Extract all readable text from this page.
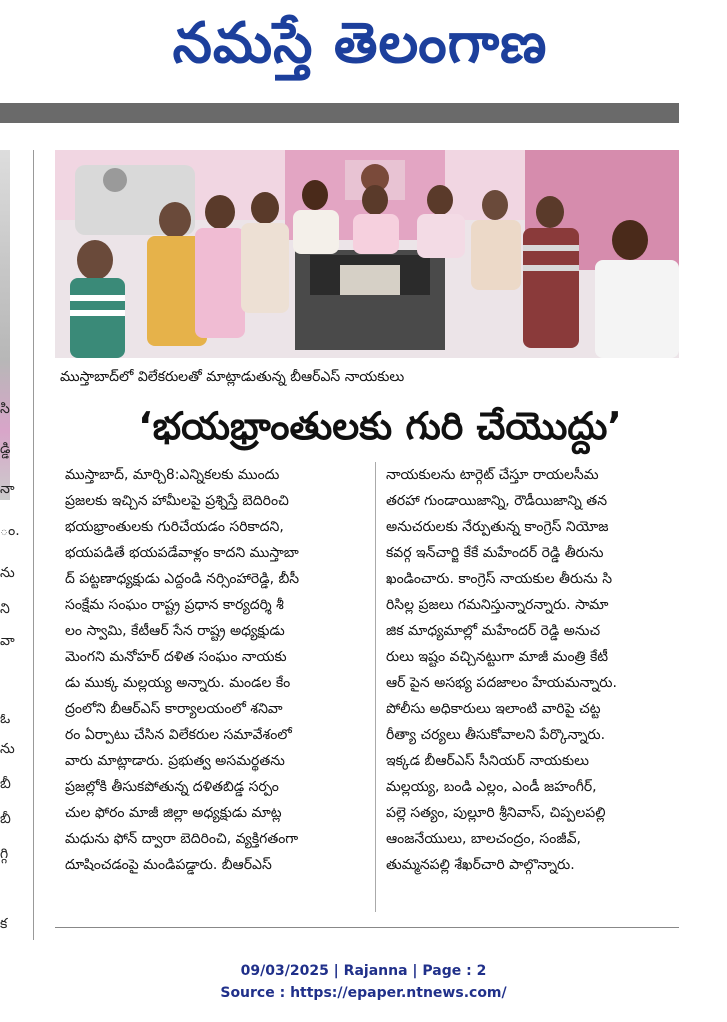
నమస్తే తెలంగాణ
సి
డ్డి
నా
ం.
ను
ని
వా
ఓ
ను
బీ
బీ
గ్గి
క
ముస్తాబాద్‌లో విలేకరులతో మాట్లాడుతున్న బీఆర్‌ఎస్ నాయకులు
‘భయభ్రాంతులకు గురి చేయొద్దు’
ముస్తాబాద్, మార్చి8:ఎన్నికలకు ముందు
ప్రజలకు ఇచ్చిన హామీలపై ప్రశ్నిస్తే బెదిరించి
భయభ్రాంతులకు గురిచేయడం సరికాదని,
భయపడితే భయపడేవాళ్లం కాదని ముస్తాబా
ద్ పట్టణాధ్యక్షుడు ఎద్దండి నర్సింహారెడ్డి, బీసీ
సంక్షేమ సంఘం రాష్ట్ర ప్రధాన కార్యదర్శి శీ
లం స్వామి, కేటీఆర్ సేన రాష్ట్ర అధ్యక్షుడు
మెంగని మనోహర్ దళిత సంఘం నాయకు
డు ముక్క మల్లయ్య అన్నారు. మండల కేం
ద్రంలోని బీఆర్ఎస్ కార్యాలయంలో శనివా
రం ఏర్పాటు చేసిన విలేకరుల సమావేశంలో
వారు మాట్లాడారు. ప్రభుత్వ అసమర్థతను
ప్రజల్లోకి తీసుకపోతున్న దళితబిడ్డ సర్పం
చుల ఫోరం మాజీ జిల్లా అధ్యక్షుడు మాట్ల
మధును ఫోన్ ద్వారా బెదిరించి, వ్యక్తిగతంగా
దూషించడంపై మండిపడ్డారు. బీఆర్ఎస్
నాయకులను టార్గెట్ చేస్తూ రాయలసీమ
తరహా గుండాయిజాన్ని, రౌడీయిజాన్ని తన
అనుచరులకు నేర్పుతున్న కాంగ్రెస్ నియోజ
కవర్గ ఇన్‌చార్జి కేకే మహేందర్ రెడ్డి తీరును
ఖండించారు. కాంగ్రెస్ నాయకుల తీరును సి
రిసిల్ల ప్రజలు గమనిస్తున్నారన్నారు. సామా
జిక మాధ్యమాల్లో మహేందర్ రెడ్డి అనుచ
రులు ఇష్టం వచ్చినట్టుగా మాజీ మంత్రి కేటీ
ఆర్ పైన అసభ్య పదజాలం హేయమన్నారు.
పోలీసు అధికారులు ఇలాంటి వారిపై చట్ట
రీత్యా చర్యలు తీసుకోవాలని పేర్కొన్నారు.
ఇక్కడ బీఆర్ఎస్ సీనియర్ నాయకులు
మల్లయ్య, బండి ఎల్లం, ఎండీ జహంగీర్,
పల్లె సత్యం, పుల్లూరి శ్రీనివాస్, చిప్పలపల్లి
ఆంజనేయులు, బాలచంద్రం, సంజీవ్,
తుమ్మనపల్లి శేఖర్‌చారి పాల్గొన్నారు.
09/03/2025 | Rajanna | Page : 2
Source : https://epaper.ntnews.com/
